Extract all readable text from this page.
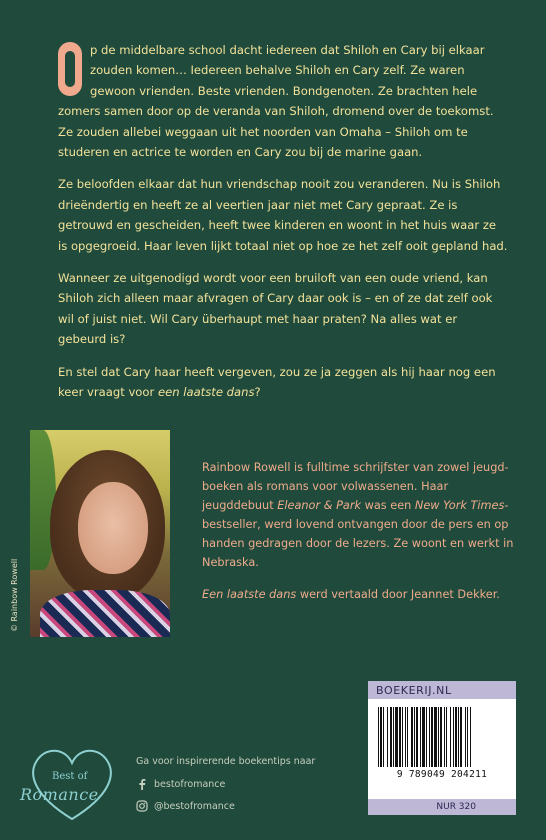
p de middelbare school dacht iedereen dat Shiloh en Cary bij elkaar zouden komen… Iedereen behalve Shiloh en Cary zelf. Ze waren gewoon vrienden. Beste vrienden. Bondgenoten. Ze brachten hele zomers samen door op de veranda van Shiloh, dromend over de toekomst. Ze zouden allebei weggaan uit het noorden van Omaha – Shiloh om te studeren en actrice te worden en Cary zou bij de marine gaan.

Ze beloofden elkaar dat hun vriendschap nooit zou veranderen. Nu is Shiloh drieëndertig en heeft ze al veertien jaar niet met Cary gepraat. Ze is getrouwd en gescheiden, heeft twee kinderen en woont in het huis waar ze is opgegroeid. Haar leven lijkt totaal niet op hoe ze het zelf ooit gepland had.

Wanneer ze uitgenodigd wordt voor een bruiloft van een oude vriend, kan Shiloh zich alleen maar afvragen of Cary daar ook is – en of ze dat zelf ook wil of juist niet. Wil Cary überhaupt met haar praten? Na alles wat er gebeurd is?

En stel dat Cary haar heeft vergeven, zou ze ja zeggen als hij haar nog een keer vraagt voor een laatste dans?

© Rainbow Rowell

Rainbow Rowell is fulltime schrijfster van zowel jeugd-boeken als romans voor volwassenen. Haar jeugddebuut Eleanor & Park was een New York Times-bestseller, werd lovend ontvangen door de pers en op handen gedragen door de lezers. Ze woont en werkt in Nebraska.

Een laatste dans werd vertaald door Jeannet Dekker.

Best of
Romance
Ga voor inspirerende boekentips naar
bestofromance
@bestofromance
BOEKERIJ.NL
9 789049 204211
NUR 320
